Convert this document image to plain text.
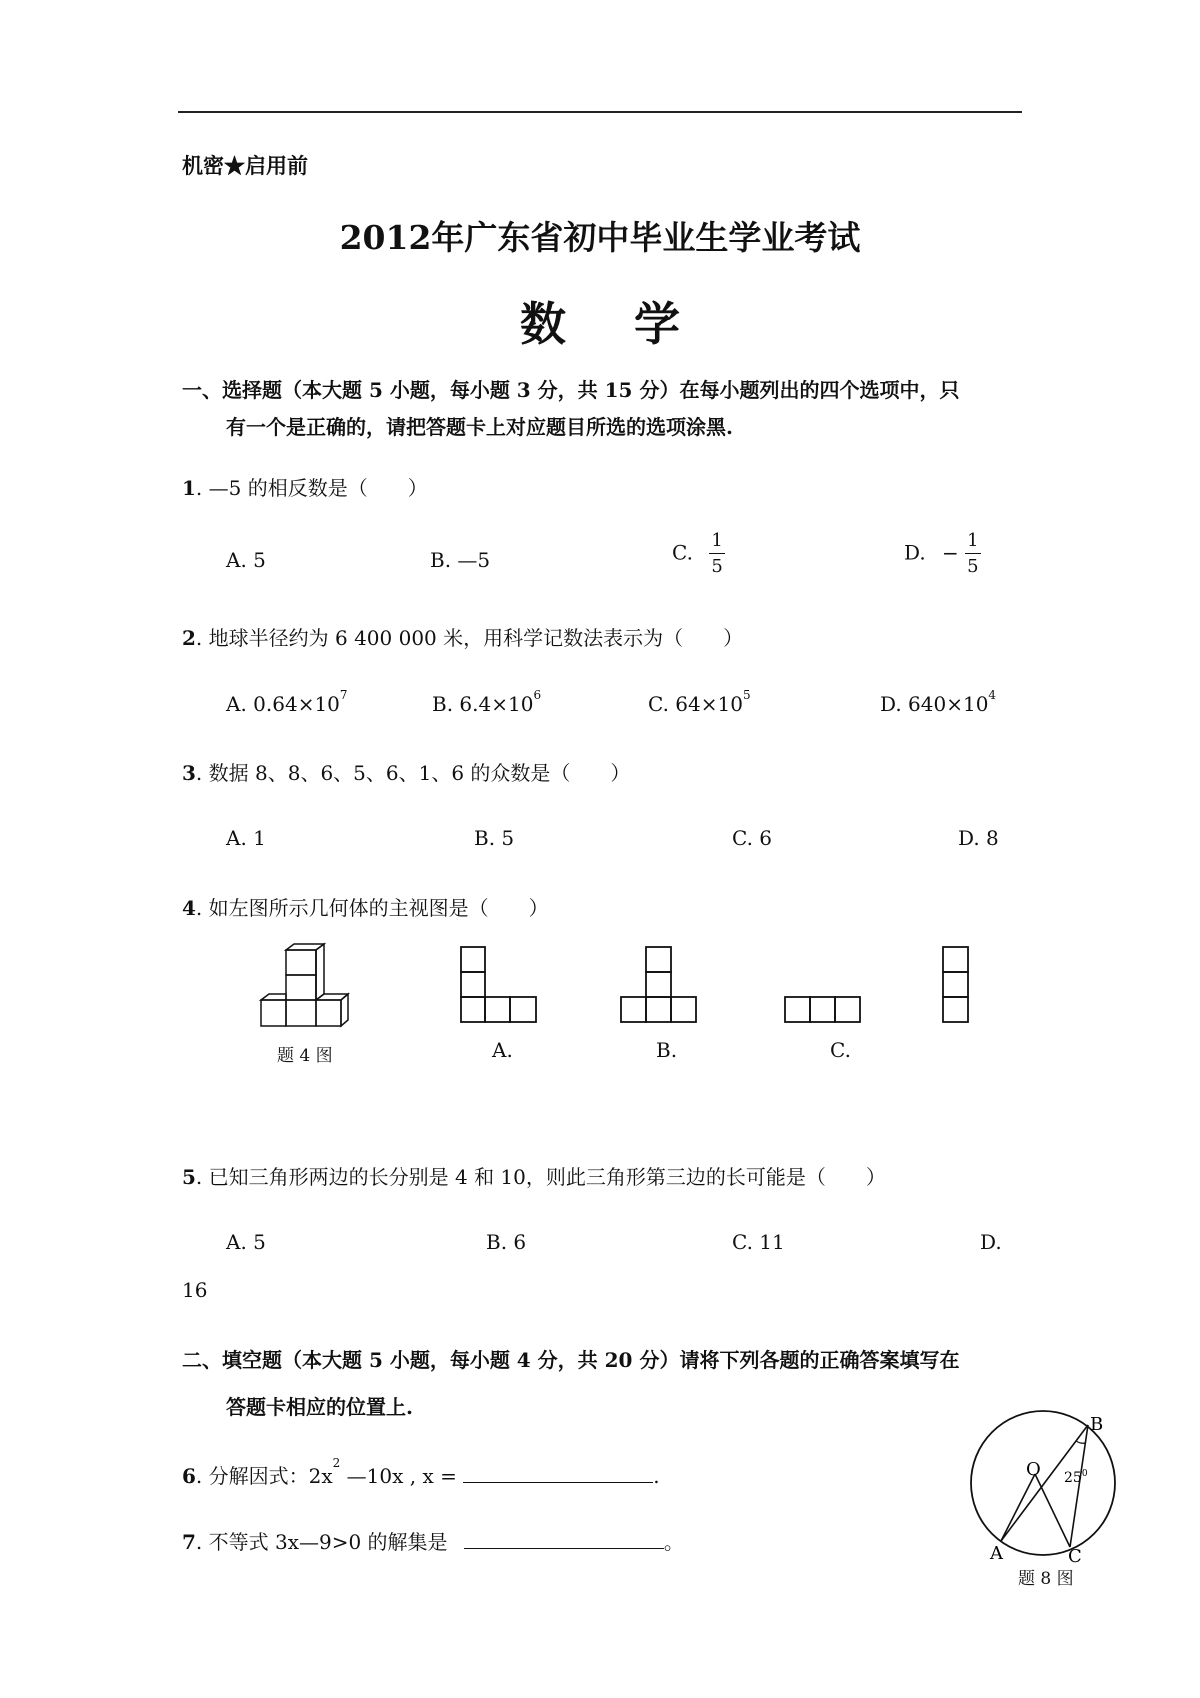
机密★启用前
2012年广东省初中毕业生学业考试
数 学
一、选择题（本大题 5 小题，每小题 3 分，共 15 分）在每小题列出的四个选项中，只
有一个是正确的，请把答题卡上对应题目所选的选项涂黑.
1. —5 的相反数是（　　）
A. 5	B. —5	C. $\frac{1}{5}$	D. − $\frac{1}{5}$
2. 地球半径约为 6 400 000 米，用科学记数法表示为（　　）
A. $0.64\times 10^7$	B. $6.4\times 10^6$	C. $64\times 10^5$	D. $640\times 10^4$
3. 数据 8、8、6、5、6、1、6 的众数是（　　）
A. 1	B. 5	C. 6	D. 8
4. 如左图所示几何体的主视图是（　　）
题 4 图	A.	B.	C.
5. 已知三角形两边的长分别是 4 和 10，则此三角形第三边的长可能是（　　）
A. 5	B. 6	C. 11	D.
16
二、填空题（本大题 5 小题，每小题 4 分，共 20 分）请将下列各题的正确答案填写在
答题卡相应的位置上.
6. 分解因式：$2x^2$ —10x , x =	.
7. 不等式 3x—9>0 的解集是	。
O
B
A	C
$25^0$
题 8 图
